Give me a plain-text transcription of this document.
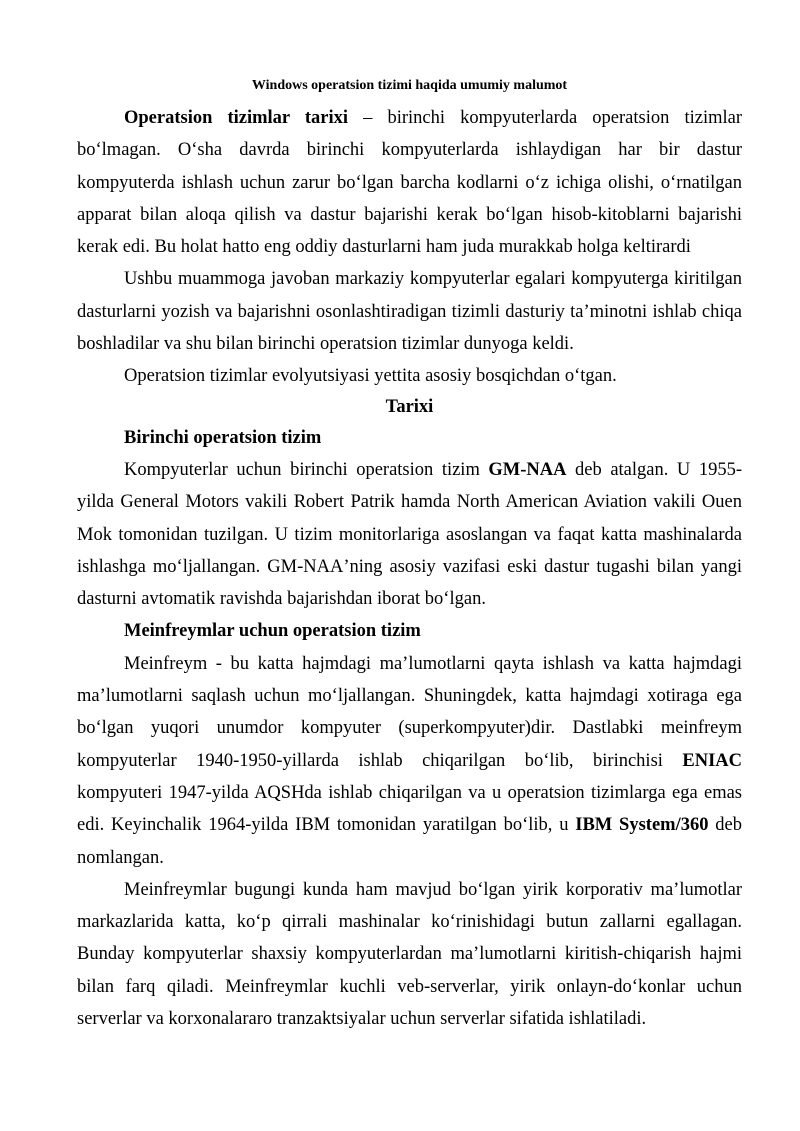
Windows operatsion tizimi haqida umumiy malumot

Operatsion tizimlar tarixi – birinchi kompyuterlarda operatsion tizimlar boʻlmagan. Oʻsha davrda birinchi kompyuterlarda ishlaydigan har bir dastur kompyuterda ishlash uchun zarur boʻlgan barcha kodlarni oʻz ichiga olishi, oʻrnatilgan apparat bilan aloqa qilish va dastur bajarishi kerak boʻlgan hisob-kitoblarni bajarishi kerak edi. Bu holat hatto eng oddiy dasturlarni ham juda murakkab holga keltirardi

Ushbu muammoga javoban markaziy kompyuterlar egalari kompyuterga kiritilgan dasturlarni yozish va bajarishni osonlashtiradigan tizimli dasturiy taʼminotni ishlab chiqa boshladilar va shu bilan birinchi operatsion tizimlar dunyoga keldi.

Operatsion tizimlar evolyutsiyasi yettita asosiy bosqichdan oʻtgan.

Tarixi
Birinchi operatsion tizim

Kompyuterlar uchun birinchi operatsion tizim GM-NAA deb atalgan. U 1955-yilda General Motors vakili Robert Patrik hamda North American Aviation vakili Ouen Mok tomonidan tuzilgan. U tizim monitorlariga asoslangan va faqat katta mashinalarda ishlashga moʻljallangan. GM-NAAʼning asosiy vazifasi eski dastur tugashi bilan yangi dasturni avtomatik ravishda bajarishdan iborat boʻlgan.

Meinfreymlar uchun operatsion tizim

Meinfreym - bu katta hajmdagi maʼlumotlarni qayta ishlash va katta hajmdagi maʼlumotlarni saqlash uchun moʻljallangan. Shuningdek, katta hajmdagi xotiraga ega boʻlgan yuqori unumdor kompyuter (superkompyuter)dir. Dastlabki meinfreym kompyuterlar 1940-1950-yillarda ishlab chiqarilgan boʻlib, birinchisi ENIAC kompyuteri 1947-yilda AQSHda ishlab chiqarilgan va u operatsion tizimlarga ega emas edi. Keyinchalik 1964-yilda IBM tomonidan yaratilgan boʻlib, u IBM System/360 deb nomlangan.

Meinfreymlar bugungi kunda ham mavjud boʻlgan yirik korporativ maʼlumotlar markazlarida katta, koʻp qirrali mashinalar koʻrinishidagi butun zallarni egallagan. Bunday kompyuterlar shaxsiy kompyuterlardan maʼlumotlarni kiritish-chiqarish hajmi bilan farq qiladi. Meinfreymlar kuchli veb-serverlar, yirik onlayn-doʻkonlar uchun serverlar va korxonalararo tranzaktsiyalar uchun serverlar sifatida ishlatiladi.
